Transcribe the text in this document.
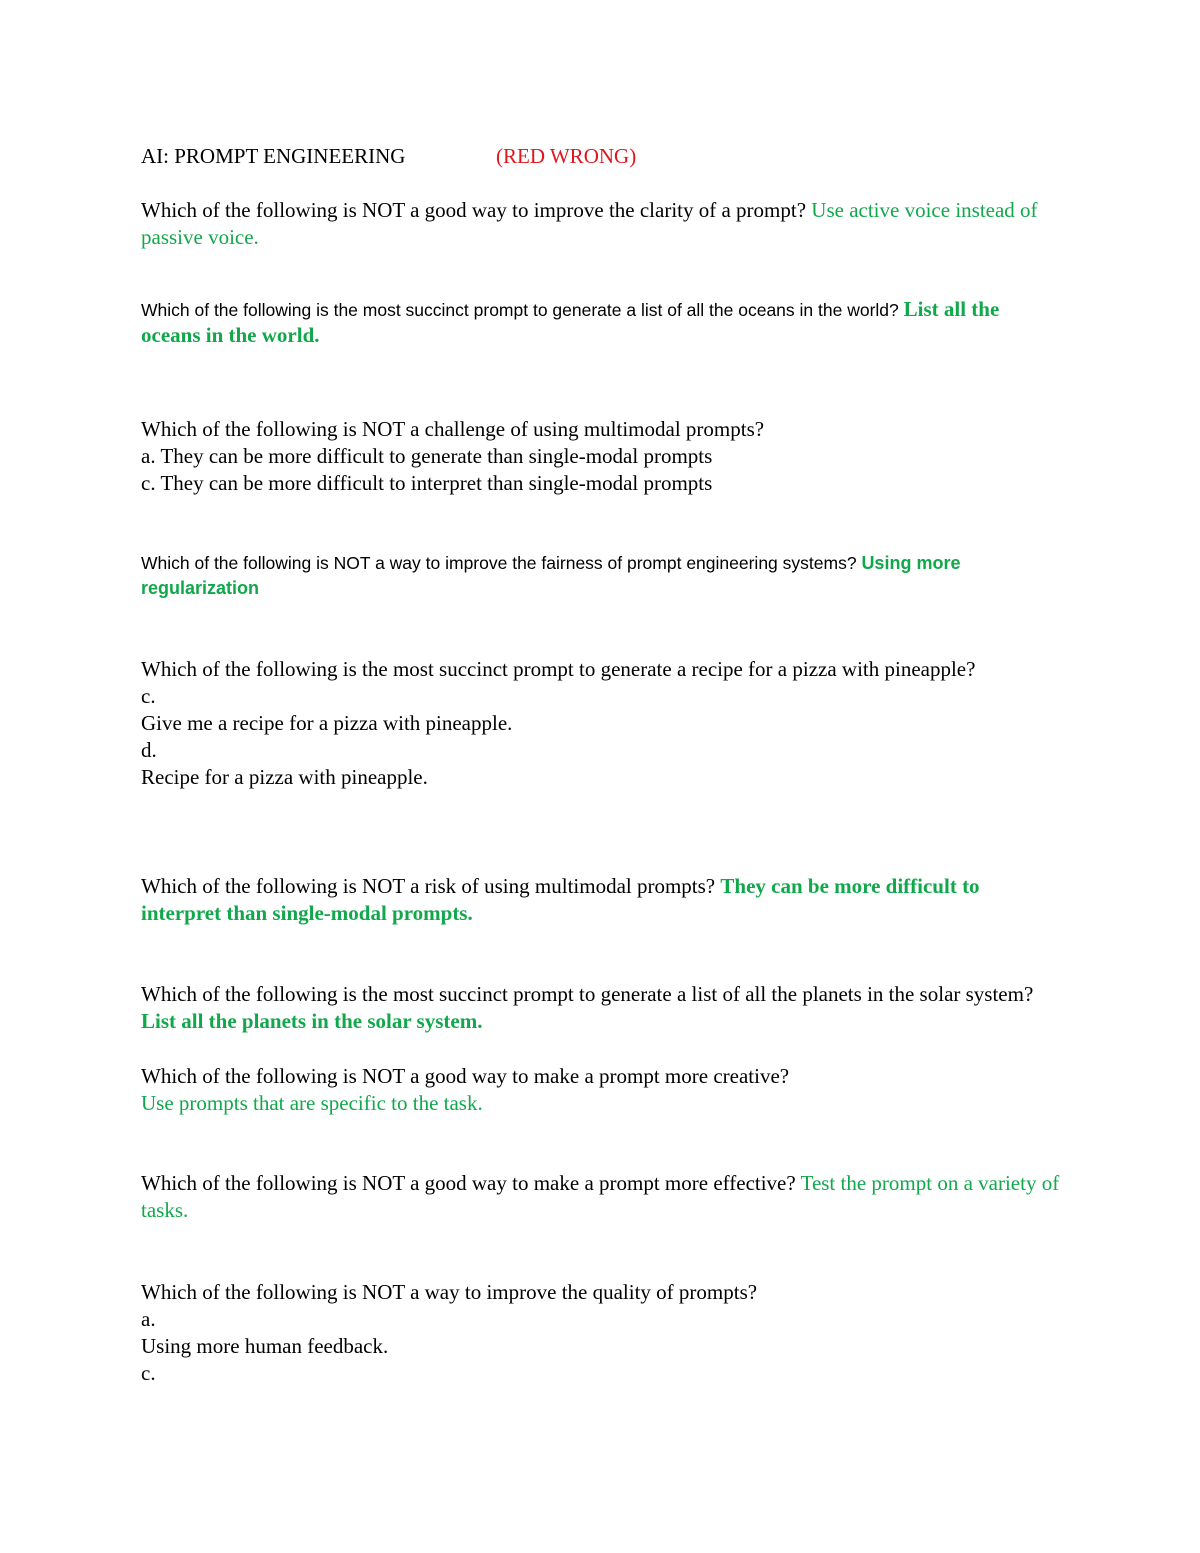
AI: PROMPT ENGINEERING	(RED WRONG)
Which of the following is NOT a good way to improve the clarity of a prompt? Use active voice instead of passive voice.
Which of the following is the most succinct prompt to generate a list of all the oceans in the world? List all the oceans in the world.
Which of the following is NOT a challenge of using multimodal prompts?
a. They can be more difficult to generate than single-modal prompts
c. They can be more difficult to interpret than single-modal prompts
Which of the following is NOT a way to improve the fairness of prompt engineering systems? Using more regularization
Which of the following is the most succinct prompt to generate a recipe for a pizza with pineapple?
c.
Give me a recipe for a pizza with pineapple.
d.
Recipe for a pizza with pineapple.
Which of the following is NOT a risk of using multimodal prompts? They can be more difficult to interpret than single-modal prompts.
Which of the following is the most succinct prompt to generate a list of all the planets in the solar system? List all the planets in the solar system.
Which of the following is NOT a good way to make a prompt more creative?
Use prompts that are specific to the task.
Which of the following is NOT a good way to make a prompt more effective? Test the prompt on a variety of tasks.
Which of the following is NOT a way to improve the quality of prompts?
a.
Using more human feedback.
c.
